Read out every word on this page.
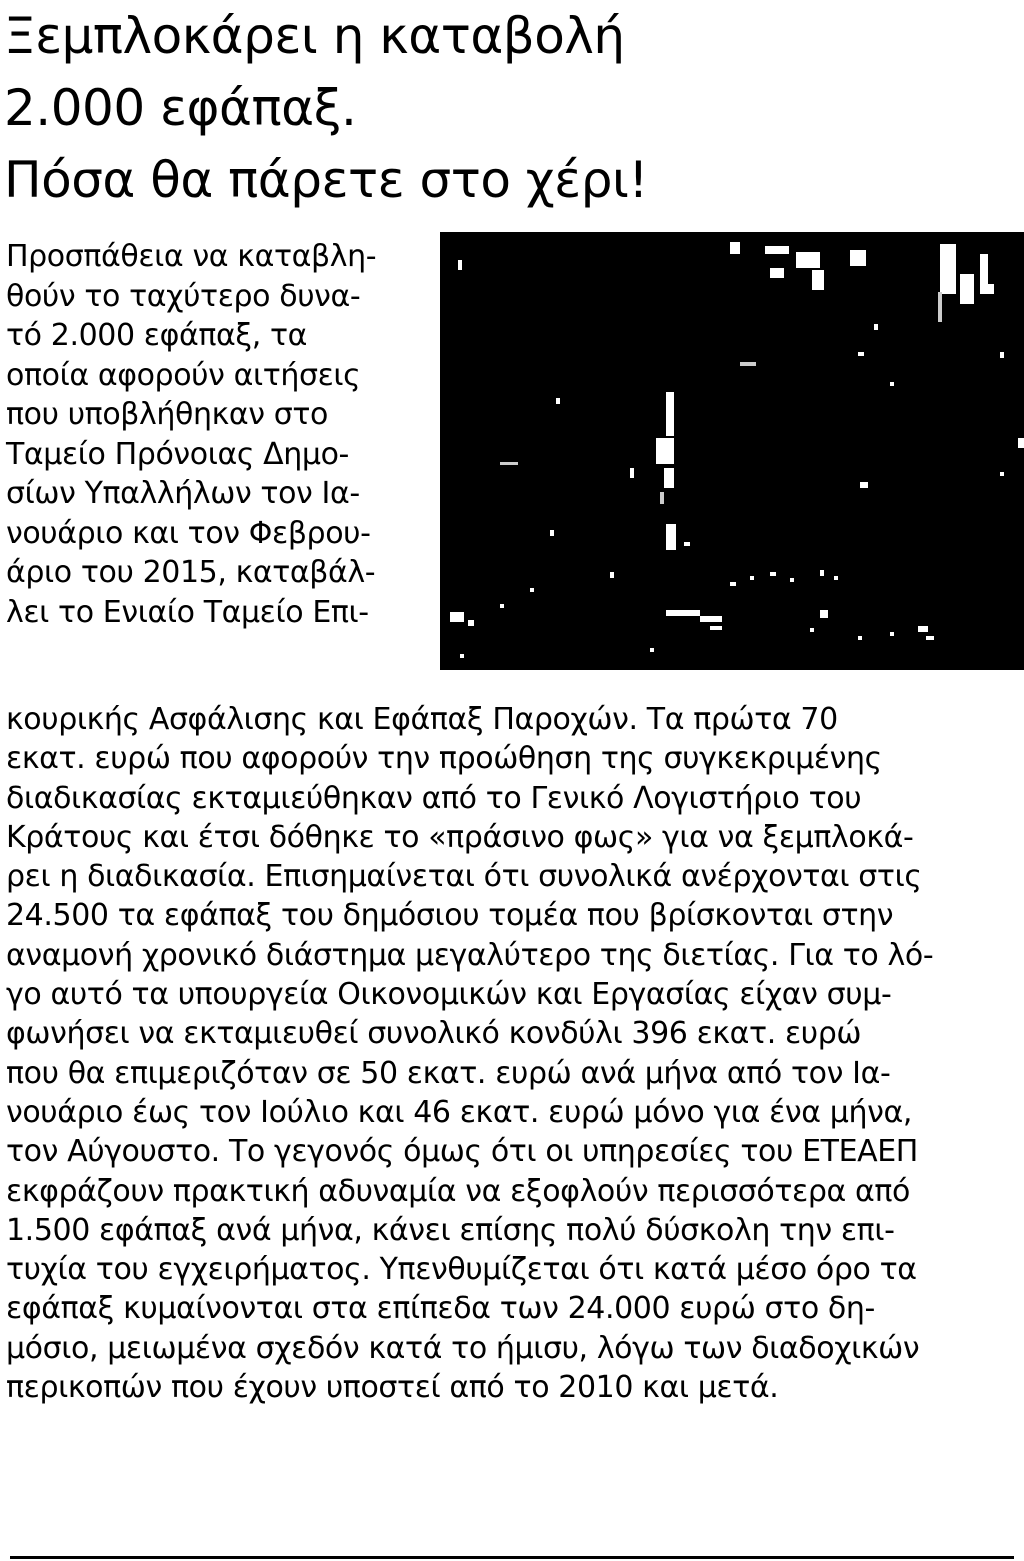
Ξεμπλοκάρει η καταβολή
2.000 εφάπαξ.
Πόσα θα πάρετε στο χέρι!
Προσπάθεια να καταβλη-
θούν το ταχύτερο δυνα-
τό 2.000 εφάπαξ, τα
οποία αφορούν αιτήσεις
που υποβλήθηκαν στο
Ταμείο Πρόνοιας Δημο-
σίων Υπαλλήλων τον Ια-
νουάριο και τον Φεβρου-
άριο του 2015, καταβάλ-
λει το Ενιαίο Ταμείο Επι-
κουρικής Ασφάλισης και Εφάπαξ Παροχών. Τα πρώτα 70
εκατ. ευρώ που αφορούν την προώθηση της συγκεκριμένης
διαδικασίας εκταμιεύθηκαν από το Γενικό Λογιστήριο του
Κράτους και έτσι δόθηκε το «πράσινο φως» για να ξεμπλοκά-
ρει η διαδικασία. Επισημαίνεται ότι συνολικά ανέρχονται στις
24.500 τα εφάπαξ του δημόσιου τομέα που βρίσκονται στην
αναμονή χρονικό διάστημα μεγαλύτερο της διετίας. Για το λό-
γο αυτό τα υπουργεία Οικονομικών και Εργασίας είχαν συμ-
φωνήσει να εκταμιευθεί συνολικό κονδύλι 396 εκατ. ευρώ
που θα επιμεριζόταν σε 50 εκατ. ευρώ ανά μήνα από τον Ια-
νουάριο έως τον Ιούλιο και 46 εκατ. ευρώ μόνο για ένα μήνα,
τον Αύγουστο. Το γεγονός όμως ότι οι υπηρεσίες του ΕΤΕΑΕΠ
εκφράζουν πρακτική αδυναμία να εξοφλούν περισσότερα από
1.500 εφάπαξ ανά μήνα, κάνει επίσης πολύ δύσκολη την επι-
τυχία του εγχειρήματος. Υπενθυμίζεται ότι κατά μέσο όρο τα
εφάπαξ κυμαίνονται στα επίπεδα των 24.000 ευρώ στο δη-
μόσιο, μειωμένα σχεδόν κατά το ήμισυ, λόγω των διαδοχικών
περικοπών που έχουν υποστεί από το 2010 και μετά.
